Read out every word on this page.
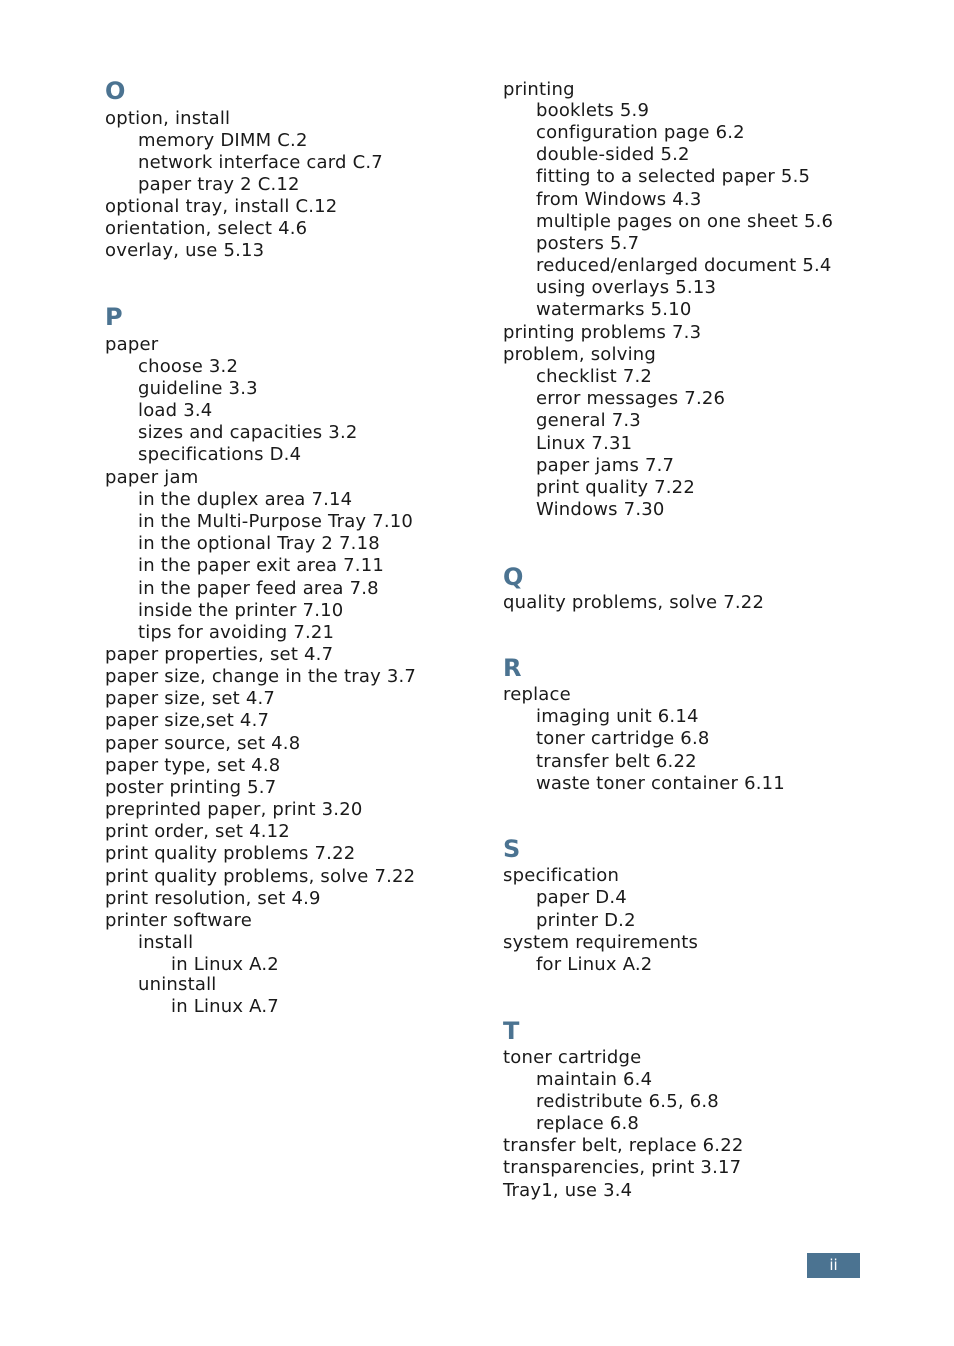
O
option, install
memory DIMM C.2
network interface card C.7
paper tray 2 C.12
optional tray, install C.12
orientation, select 4.6
overlay, use 5.13
P
paper
choose 3.2
guideline 3.3
load 3.4
sizes and capacities 3.2
specifications D.4
paper jam
in the duplex area 7.14
in the Multi-Purpose Tray 7.10
in the optional Tray 2 7.18
in the paper exit area 7.11
in the paper feed area 7.8
inside the printer 7.10
tips for avoiding 7.21
paper properties, set 4.7
paper size, change in the tray 3.7
paper size, set 4.7
paper size,set 4.7
paper source, set 4.8
paper type, set 4.8
poster printing 5.7
preprinted paper, print 3.20
print order, set 4.12
print quality problems 7.22
print quality problems, solve 7.22
print resolution, set 4.9
printer software
install
in Linux A.2
uninstall
in Linux A.7
printing
booklets 5.9
configuration page 6.2
double-sided 5.2
fitting to a selected paper 5.5
from Windows 4.3
multiple pages on one sheet 5.6
posters 5.7
reduced/enlarged document 5.4
using overlays 5.13
watermarks 5.10
printing problems 7.3
problem, solving
checklist 7.2
error messages 7.26
general 7.3
Linux 7.31
paper jams 7.7
print quality 7.22
Windows 7.30
Q
quality problems, solve 7.22
R
replace
imaging unit 6.14
toner cartridge 6.8
transfer belt 6.22
waste toner container 6.11
S
specification
paper D.4
printer D.2
system requirements
for Linux A.2
T
toner cartridge
maintain 6.4
redistribute 6.5, 6.8
replace 6.8
transfer belt, replace 6.22
transparencies, print 3.17
Tray1, use 3.4
ii
